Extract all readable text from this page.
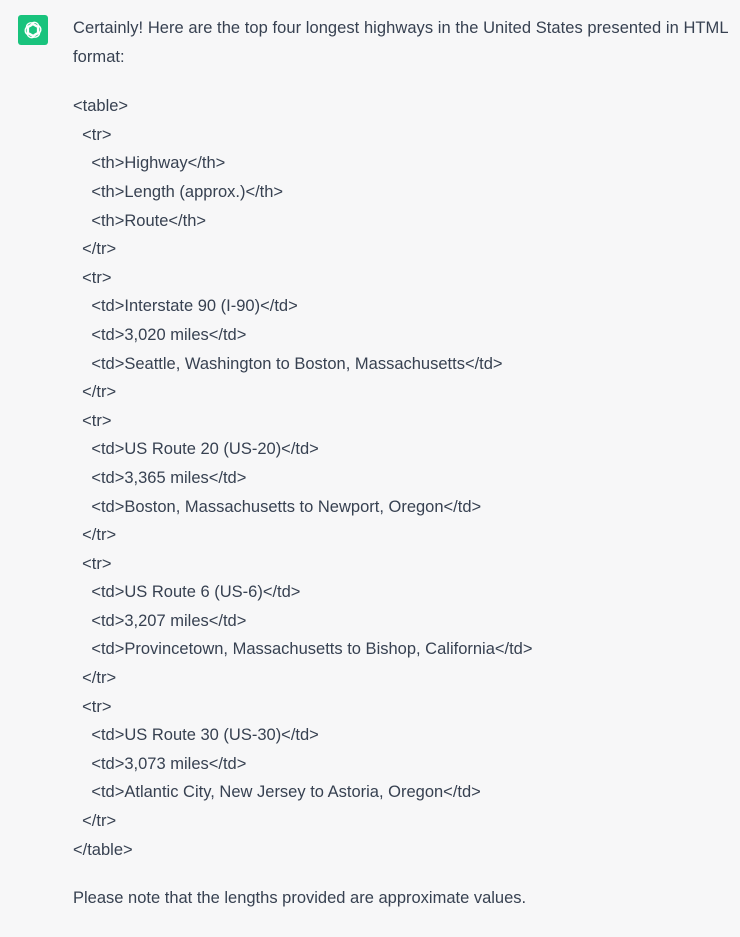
Certainly! Here are the top four longest highways in the United States presented in HTML format:

<table>
<tr>
<th>Highway</th>
<th>Length (approx.)</th>
<th>Route</th>
</tr>
<tr>
<td>Interstate 90 (I-90)</td>
<td>3,020 miles</td>
<td>Seattle, Washington to Boston, Massachusetts</td>
</tr>
<tr>
<td>US Route 20 (US-20)</td>
<td>3,365 miles</td>
<td>Boston, Massachusetts to Newport, Oregon</td>
</tr>
<tr>
<td>US Route 6 (US-6)</td>
<td>3,207 miles</td>
<td>Provincetown, Massachusetts to Bishop, California</td>
</tr>
<tr>
<td>US Route 30 (US-30)</td>
<td>3,073 miles</td>
<td>Atlantic City, New Jersey to Astoria, Oregon</td>
</tr>
</table>

Please note that the lengths provided are approximate values.
